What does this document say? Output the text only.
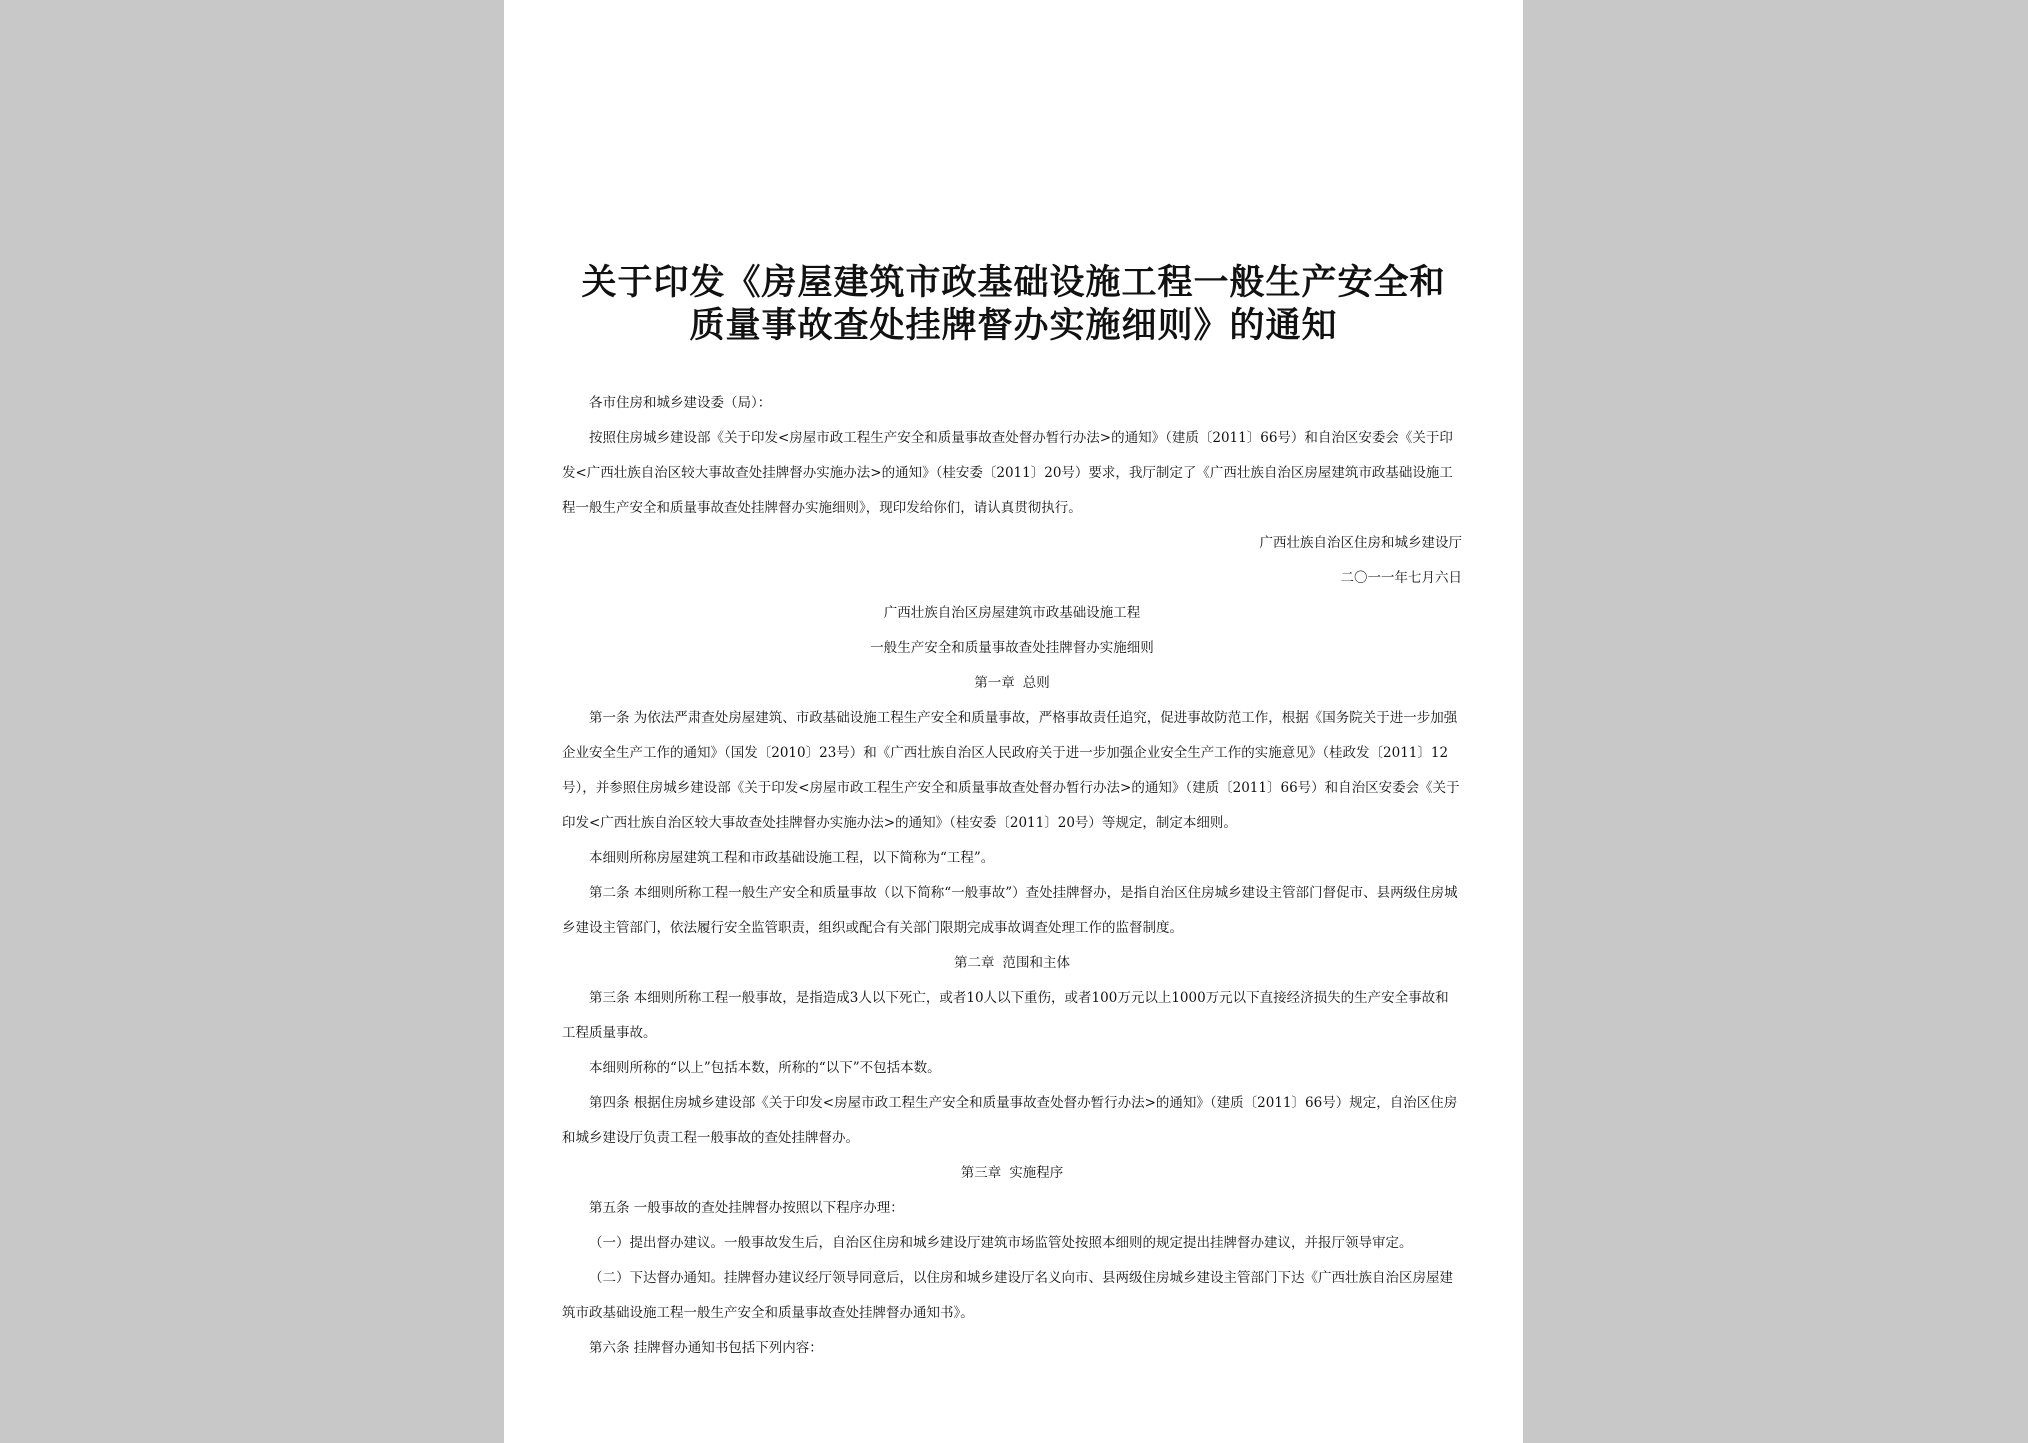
关于印发《房屋建筑市政基础设施工程一般生产安全和
质量事故查处挂牌督办实施细则》的通知

各市住房和城乡建设委（局）：

按照住房城乡建设部《关于印发<房屋市政工程生产安全和质量事故查处督办暂行办法>的通知》（建质〔2011〕66号）和自治区安委会《关于印发<广西壮族自治区较大事故查处挂牌督办实施办法>的通知》（桂安委〔2011〕20号）要求，我厅制定了《广西壮族自治区房屋建筑市政基础设施工程一般生产安全和质量事故查处挂牌督办实施细则》，现印发给你们，请认真贯彻执行。

广西壮族自治区住房和城乡建设厅

二〇一一年七月六日

广西壮族自治区房屋建筑市政基础设施工程

一般生产安全和质量事故查处挂牌督办实施细则

第一章 总则

第一条 为依法严肃查处房屋建筑、市政基础设施工程生产安全和质量事故，严格事故责任追究，促进事故防范工作，根据《国务院关于进一步加强企业安全生产工作的通知》（国发〔2010〕23号）和《广西壮族自治区人民政府关于进一步加强企业安全生产工作的实施意见》（桂政发〔2011〕12号），并参照住房城乡建设部《关于印发<房屋市政工程生产安全和质量事故查处督办暂行办法>的通知》（建质〔2011〕66号）和自治区安委会《关于印发<广西壮族自治区较大事故查处挂牌督办实施办法>的通知》（桂安委〔2011〕20号）等规定，制定本细则。

本细则所称房屋建筑工程和市政基础设施工程，以下简称为“工程”。

第二条 本细则所称工程一般生产安全和质量事故（以下简称“一般事故”）查处挂牌督办，是指自治区住房城乡建设主管部门督促市、县两级住房城乡建设主管部门，依法履行安全监管职责，组织或配合有关部门限期完成事故调查处理工作的监督制度。

第二章 范围和主体

第三条 本细则所称工程一般事故，是指造成3人以下死亡，或者10人以下重伤，或者100万元以上1000万元以下直接经济损失的生产安全事故和工程质量事故。

本细则所称的“以上”包括本数，所称的“以下”不包括本数。

第四条 根据住房城乡建设部《关于印发<房屋市政工程生产安全和质量事故查处督办暂行办法>的通知》（建质〔2011〕66号）规定，自治区住房和城乡建设厅负责工程一般事故的查处挂牌督办。

第三章 实施程序

第五条 一般事故的查处挂牌督办按照以下程序办理：

（一）提出督办建议。一般事故发生后，自治区住房和城乡建设厅建筑市场监管处按照本细则的规定提出挂牌督办建议，并报厅领导审定。

（二）下达督办通知。挂牌督办建议经厅领导同意后，以住房和城乡建设厅名义向市、县两级住房城乡建设主管部门下达《广西壮族自治区房屋建筑市政基础设施工程一般生产安全和质量事故查处挂牌督办通知书》。

第六条 挂牌督办通知书包括下列内容：
